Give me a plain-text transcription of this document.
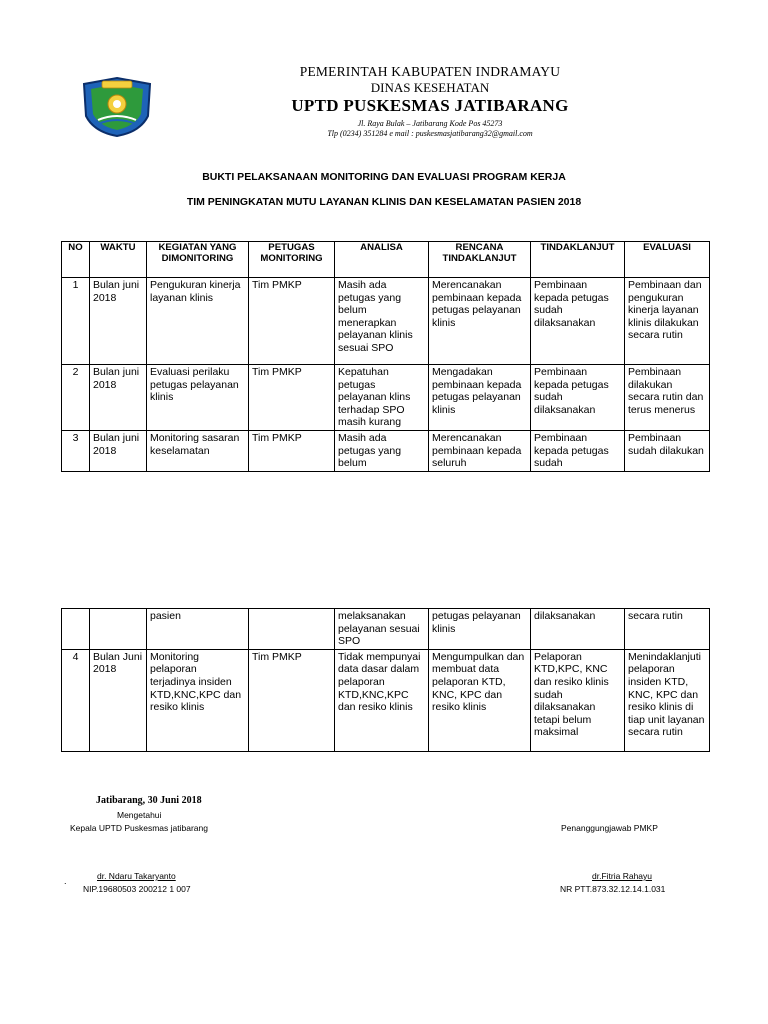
PEMERINTAH KABUPATEN INDRAMAYU
DINAS KESEHATAN
UPTD PUSKESMAS JATIBARANG
Jl. Raya Bulak – Jatibarang Kode Pos 45273
Tlp (0234) 351284 e mail : puskesmasjatibarang32@gmail.com
BUKTI PELAKSANAAN MONITORING DAN EVALUASI PROGRAM KERJA
TIM PENINGKATAN MUTU LAYANAN KLINIS DAN KESELAMATAN PASIEN 2018
NO	WAKTU	KEGIATAN YANG DIMONITORING	PETUGAS MONITORING	ANALISA	RENCANA TINDAKLANJUT	TINDAKLANJUT	EVALUASI
1	Bulan juni 2018	Pengukuran kinerja layanan klinis	Tim PMKP	Masih ada petugas yang belum menerapkan pelayanan klinis sesuai SPO	Merencanakan pembinaan kepada petugas pelayanan klinis	Pembinaan kepada petugas sudah dilaksanakan	Pembinaan dan pengukuran kinerja layanan klinis dilakukan secara rutin
2	Bulan juni 2018	Evaluasi perilaku petugas pelayanan klinis	Tim PMKP	Kepatuhan petugas pelayanan klins terhadap SPO masih kurang	Mengadakan pembinaan kepada petugas pelayanan klinis	Pembinaan kepada petugas sudah dilaksanakan	Pembinaan dilakukan secara rutin dan terus menerus
3	Bulan juni 2018	Monitoring sasaran keselamatan	Tim PMKP	Masih ada petugas yang belum	Merencanakan pembinaan kepada seluruh	Pembinaan kepada petugas sudah	Pembinaan sudah dilakukan
		pasien		melaksanakan pelayanan sesuai SPO	petugas pelayanan klinis	dilaksanakan	secara rutin
4	Bulan Juni 2018	Monitoring pelaporan terjadinya insiden KTD,KNC,KPC dan resiko klinis	Tim PMKP	Tidak mempunyai data dasar dalam pelaporan KTD,KNC,KPC dan resiko klinis	Mengumpulkan dan membuat data pelaporan KTD, KNC, KPC dan resiko klinis	Pelaporan KTD,KPC, KNC dan resiko klinis sudah dilaksanakan tetapi belum maksimal	Menindaklanjuti pelaporan insiden KTD, KNC, KPC dan resiko klinis di tiap unit layanan secara rutin
Jatibarang, 30 Juni 2018
Mengetahui
Kepala UPTD Puskesmas jatibarang	Penanggungjawab PMKP
.	dr. Ndaru Takaryanto
NIP.19680503 200212 1 007
dr.Fitria Rahayu
NR PTT.873.32.12.14.1.031
